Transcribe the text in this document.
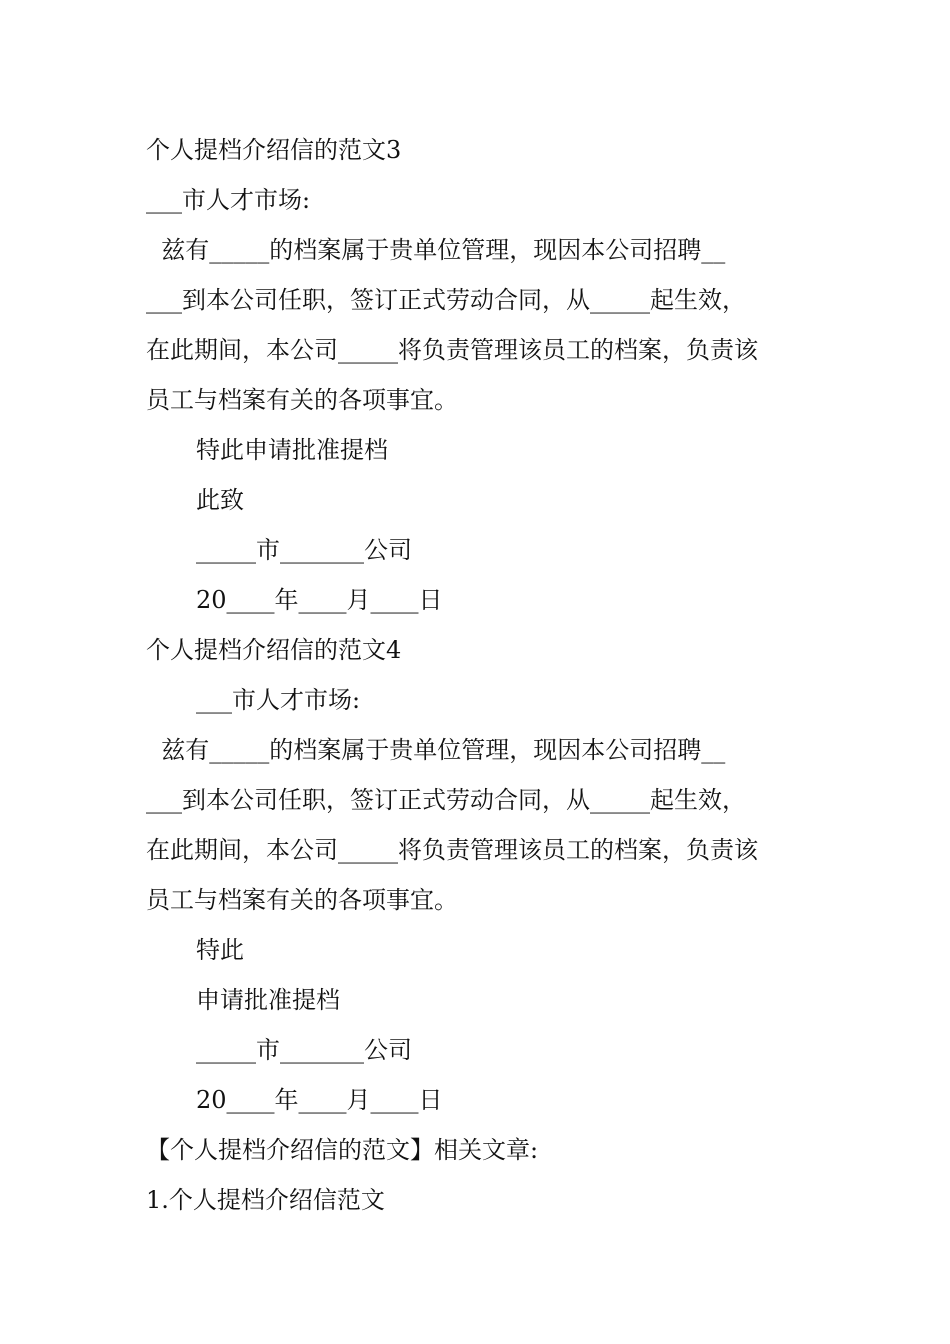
个人提档介绍信的范文3
___市人才市场:
兹有_____的档案属于贵单位管理，现因本公司招聘__
___到本公司任职，签订正式劳动合同，从_____起生效，
在此期间，本公司_____将负责管理该员工的档案，负责该
员工与档案有关的各项事宜。
特此申请批准提档
此致
_____市_______公司
20____年____月____日
个人提档介绍信的范文4
___市人才市场:
兹有_____的档案属于贵单位管理，现因本公司招聘__
___到本公司任职，签订正式劳动合同，从_____起生效，
在此期间，本公司_____将负责管理该员工的档案，负责该
员工与档案有关的各项事宜。
特此
申请批准提档
_____市_______公司
20____年____月____日
【个人提档介绍信的范文】相关文章:
1.个人提档介绍信范文
